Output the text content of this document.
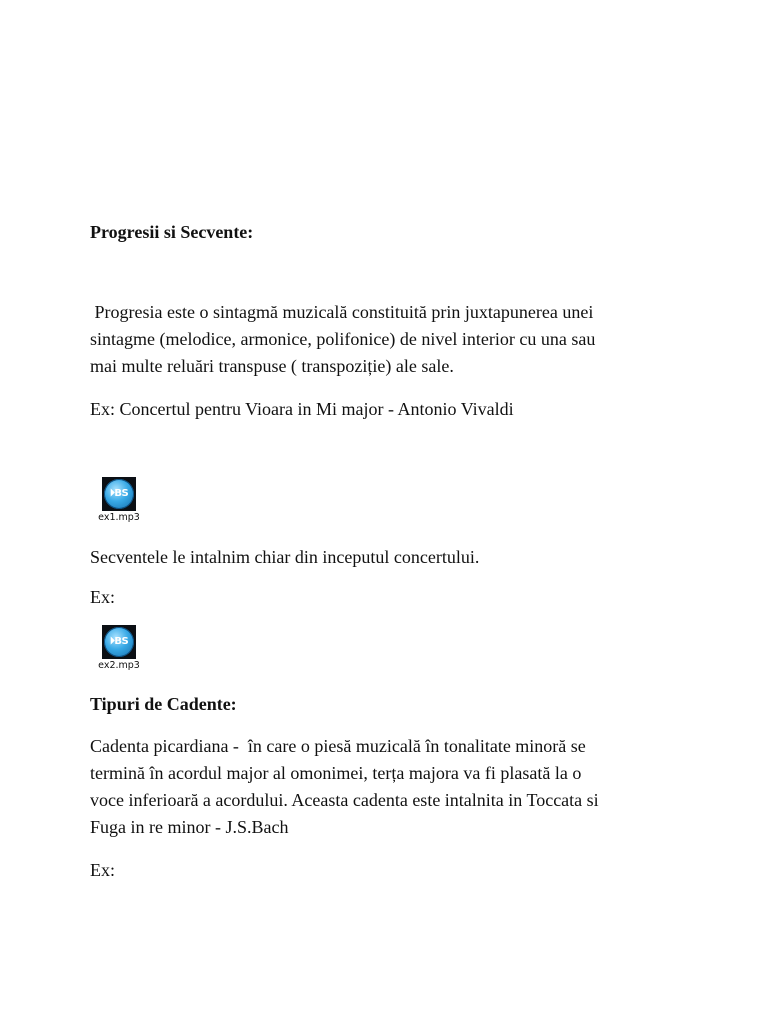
Progresii si Secvente:

Progresia este o sintagmă muzicală constituită prin juxtapunerea unei
sintagme (melodice, armonice, polifonice) de nivel interior cu una sau
mai multe reluări transpuse ( transpoziție) ale sale.

Ex: Concertul pentru Vioara in Mi major - Antonio Vivaldi

⏵BS
ex1.mp3

Secventele le intalnim chiar din inceputul concertului.

Ex:

⏵BS
ex2.mp3
Tipuri de Cadente:

Cadenta picardiana -  în care o piesă muzicală în tonalitate minoră se
termină în acordul major al omonimei, terța majora va fi plasată la o
voce inferioară a acordului. Aceasta cadenta este intalnita in Toccata si
Fuga in re minor - J.S.Bach

Ex:
